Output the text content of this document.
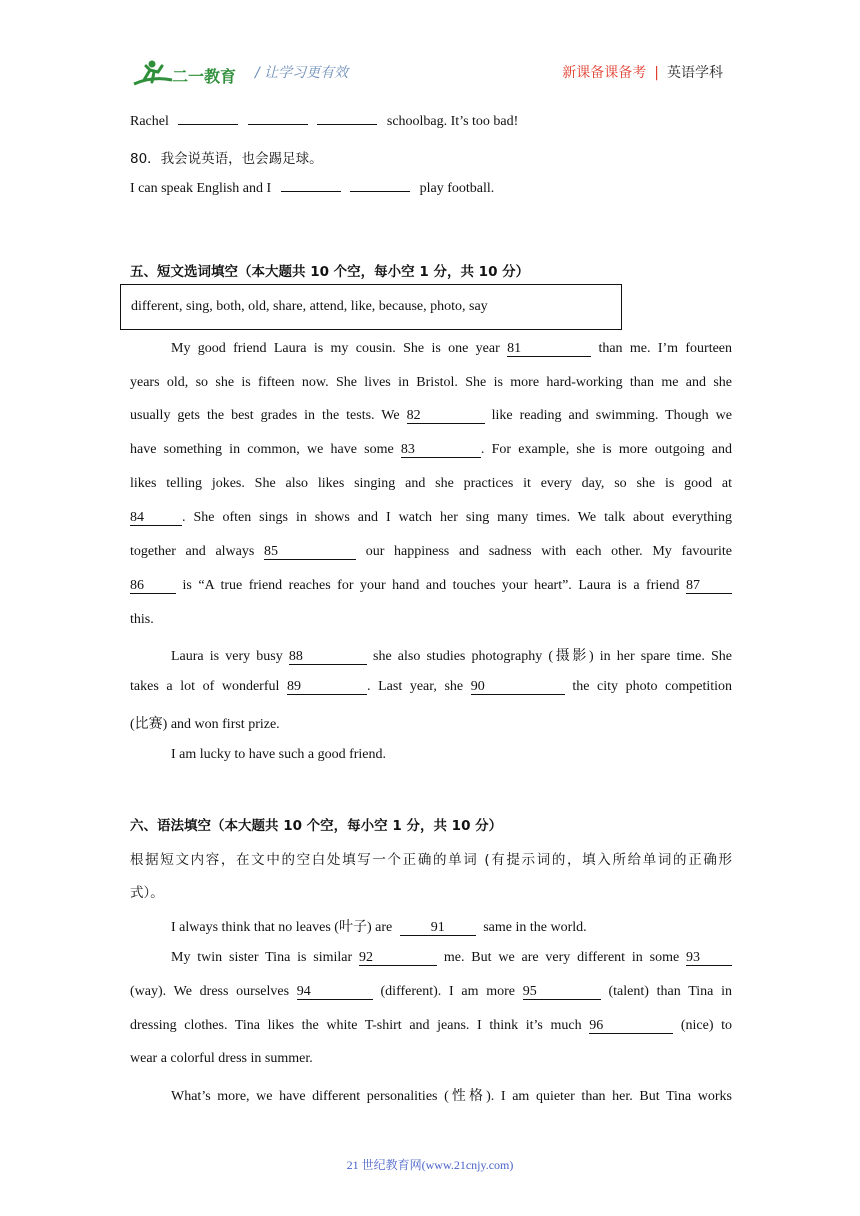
二一教育 / 让学习更有效	新课备课备考 | 英语学科
Rachel	schoolbag. It’s too bad!
80．我会说英语，也会踢足球。
I can speak English and I	play football.
五、短文选词填空（本大题共 10 个空，每小空 1 分，共 10 分）
different, sing, both, old, share, attend, like, because, photo, say
My good friend Laura is my cousin. She is one year 81	than me. I’m fourteen
years old, so she is fifteen now. She lives in Bristol. She is more hard-working than me and she
usually gets the best grades in the tests. We 82	like reading and swimming. Though we
have something in common, we have some 83	. For example, she is more outgoing and
likes telling jokes. She also likes singing and she practices it every day, so she is good at
84	. She often sings in shows and I watch her sing many times. We talk about everything
together and always 85	our happiness and sadness with each other. My favourite
86	is “A true friend reaches for your hand and touches your heart”. Laura is a friend 87
this.
Laura is very busy 88	she also studies photography (摄影) in her spare time. She
takes a lot of wonderful 89	. Last year, she 90	the city photo competition
(比赛) and won first prize.
I am lucky to have such a good friend.
六、语法填空（本大题共 10 个空，每小空 1 分，共 10 分）
根据短文内容，在文中的空白处填写一个正确的单词 (有提示词的，填入所给单词的正确形
式）。
I always think that no leaves (叶子) are	91	same in the world.
My twin sister Tina is similar 92	me. But we are very different in some 93
(way). We dress ourselves 94	(different). I am more 95	(talent) than Tina in
dressing clothes. Tina likes the white T-shirt and jeans. I think it’s much 96	(nice) to
wear a colorful dress in summer.
What’s more, we have different personalities (性格). I am quieter than her. But Tina works
21 世纪教育网(www.21cnjy.com)
